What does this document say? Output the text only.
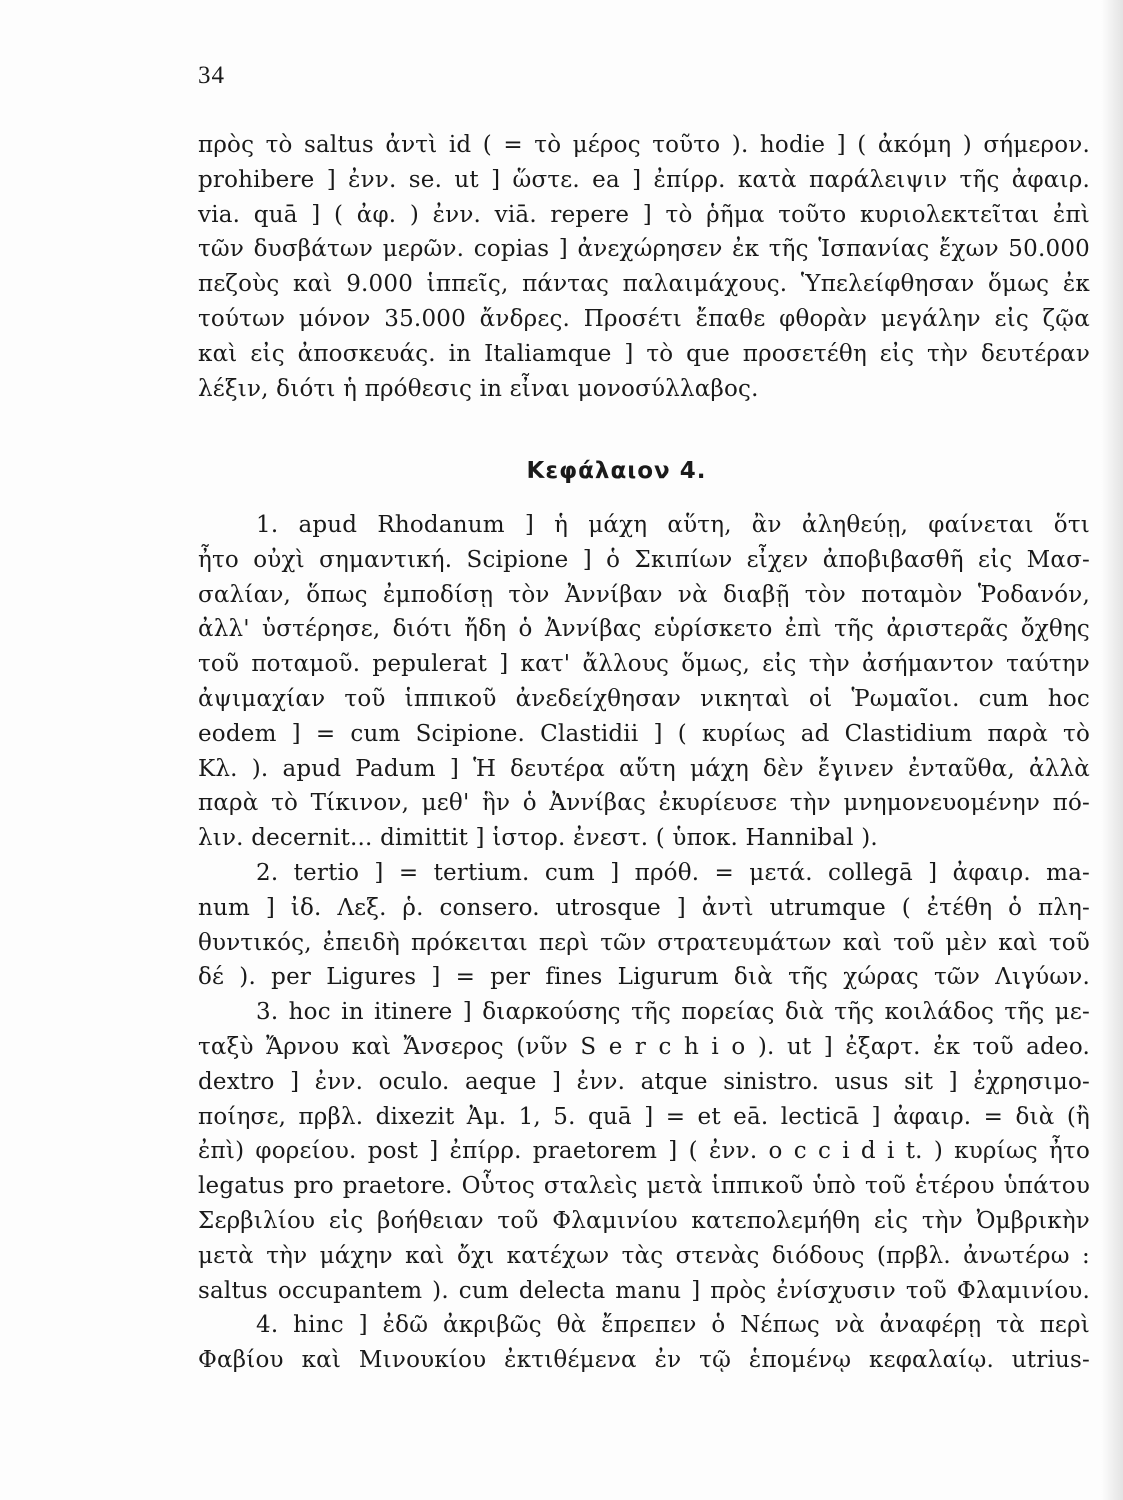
34
πρὸς τὸ saltus ἀντὶ id ( = τὸ μέρος τοῦτο ). hodie ] ( ἀκόμη ) σήμερον.
prohibere ] ἐνν. se. ut ] ὥστε. ea ] ἐπίρρ. κατὰ παράλειψιν τῆς ἀφαιρ.
via. quā ] ( ἀφ. ) ἐνν. viā. repere ] τὸ ῥῆμα τοῦτο κυριολεκτεῖται ἐπὶ
τῶν δυσβάτων μερῶν. copias ] ἀνεχώρησεν ἐκ τῆς Ἱσπανίας ἔχων 50.000
πεζοὺς καὶ 9.000 ἱππεῖς, πάντας παλαιμάχους. Ὑπελείφθησαν ὅμως ἐκ
τούτων μόνον 35.000 ἄνδρες. Προσέτι ἔπαθε φθορὰν μεγάλην εἰς ζῷα
καὶ εἰς ἀποσκευάς. in Italiamque ] τὸ que προσετέθη εἰς τὴν δευτέραν
λέξιν, διότι ἡ πρόθεσις in εἶναι μονοσύλλαβος.
Κεφάλαιον 4.
1. apud Rhodanum ] ἡ μάχη αὕτη, ἂν ἀληθεύῃ, φαίνεται ὅτι
ἦτο οὐχὶ σημαντική. Scipione ] ὁ Σκιπίων εἶχεν ἀποβιβασθῆ εἰς Μασ-
σαλίαν, ὅπως ἐμποδίσῃ τὸν Ἀννίβαν νὰ διαβῇ τὸν ποταμὸν Ῥοδανόν,
ἀλλ' ὑστέρησε, διότι ἤδη ὁ Ἀννίβας εὑρίσκετο ἐπὶ τῆς ἀριστερᾶς ὄχθης
τοῦ ποταμοῦ. pepulerat ] κατ' ἄλλους ὅμως, εἰς τὴν ἀσήμαντον ταύτην
ἀψιμαχίαν τοῦ ἱππικοῦ ἀνεδείχθησαν νικηταὶ οἱ Ῥωμαῖοι. cum hoc
eodem ] = cum Scipione. Clastidii ] ( κυρίως ad Clastidium παρὰ τὸ
Κλ. ). apud Padum ] Ἡ δευτέρα αὕτη μάχη δὲν ἔγινεν ἐνταῦθα, ἀλλὰ
παρὰ τὸ Τίκινον, μεθ' ἣν ὁ Ἀννίβας ἐκυρίευσε τὴν μνημονευομένην πό-
λιν. decernit... dimittit ] ἱστορ. ἐνεστ. ( ὑποκ. Hannibal ).
2. tertio ] = tertium. cum ] πρόθ. = μετά. collegā ] ἀφαιρ. ma-
num ] ἰδ. Λεξ. ῥ. consero. utrosque ] ἀντὶ utrumque ( ἐτέθη ὁ πλη-
θυντικός, ἐπειδὴ πρόκειται περὶ τῶν στρατευμάτων καὶ τοῦ μὲν καὶ τοῦ
δέ ). per Ligures ] = per fines Ligurum διὰ τῆς χώρας τῶν Λιγύων.
3. hoc in itinere ] διαρκούσης τῆς πορείας διὰ τῆς κοιλάδος τῆς με-
ταξὺ Ἄρνου καὶ Ἄνσερος (νῦν S e r c h i o ). ut ] ἐξαρτ. ἐκ τοῦ adeo.
dextro ] ἐνν. oculo. aeque ] ἐνν. atque sinistro. usus sit ] ἐχρησιμο-
ποίησε, πρβλ. dixezit Ἀμ. 1, 5. quā ] = et eā. lecticā ] ἀφαιρ. = διὰ (ἢ
ἐπὶ) φορείου. post ] ἐπίρρ. praetorem ] ( ἐνν. o c c i d i t. ) κυρίως ἦτο
legatus pro praetore. Οὗτος σταλεὶς μετὰ ἱππικοῦ ὑπὸ τοῦ ἑτέρου ὑπάτου
Σερβιλίου εἰς βοήθειαν τοῦ Φλαμινίου κατεπολεμήθη εἰς τὴν Ὀμβρικὴν
μετὰ τὴν μάχην καὶ ὄχι κατέχων τὰς στενὰς διόδους (πρβλ. ἀνωτέρω :
saltus occupantem ). cum delecta manu ] πρὸς ἐνίσχυσιν τοῦ Φλαμινίου.
4. hinc ] ἐδῶ ἀκριβῶς θὰ ἔπρεπεν ὁ Νέπως νὰ ἀναφέρῃ τὰ περὶ
Φαβίου καὶ Μινουκίου ἐκτιθέμενα ἐν τῷ ἑπομένῳ κεφαλαίῳ. utrius-
